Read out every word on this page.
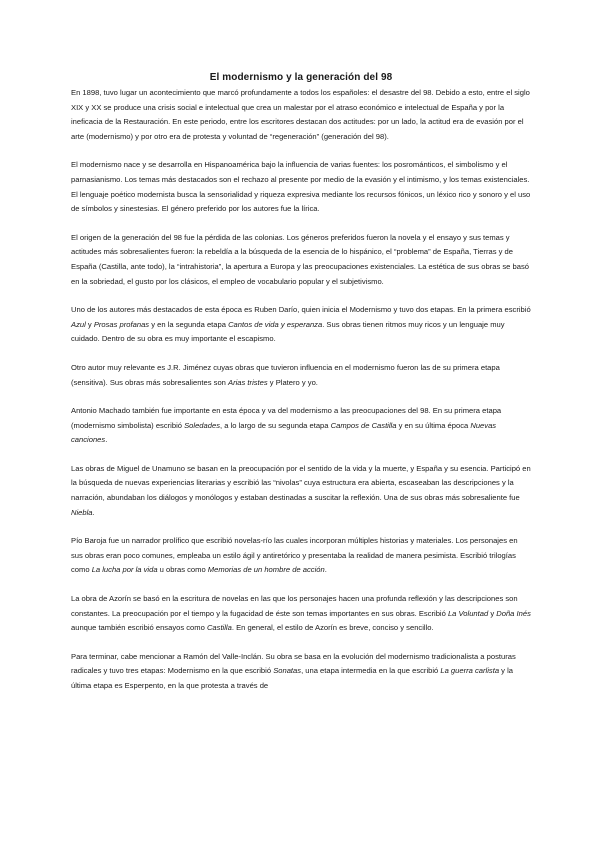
El modernismo y la generación del 98

En 1898, tuvo lugar un acontecimiento que marcó profundamente a todos los españoles: el desastre del 98. Debido a esto, entre el siglo XIX y XX se produce una crisis social e intelectual que crea un malestar por el atraso económico e intelectual de España y por la ineficacia de la Restauración. En este periodo, entre los escritores destacan dos actitudes: por un lado, la actitud era de evasión por el arte (modernismo) y por otro era de protesta y voluntad de “regeneración” (generación del 98).

El modernismo nace y se desarrolla en Hispanoamérica bajo la influencia de varias fuentes: los posrománticos, el simbolismo y el parnasianismo. Los temas más destacados son el rechazo al presente por medio de la evasión y el intimismo, y los temas existenciales. El lenguaje poético modernista busca la sensorialidad y riqueza expresiva mediante los recursos fónicos, un léxico rico y sonoro y el uso de símbolos y sinestesias. El género preferido por los autores fue la lírica.

El origen de la generación del 98 fue la pérdida de las colonias. Los géneros preferidos fueron la novela y el ensayo y sus temas y actitudes más sobresalientes fueron: la rebeldía a la búsqueda de la esencia de lo hispánico, el “problema” de España, Tierras y de España (Castilla, ante todo), la “intrahistoria”, la apertura a Europa y las preocupaciones existenciales. La estética de sus obras se basó en la sobriedad, el gusto por los clásicos, el empleo de vocabulario popular y el subjetivismo.

Uno de los autores más destacados de esta época es Ruben Darío, quien inicia el Modernismo y tuvo dos etapas. En la primera escribió Azul y Prosas profanas y en la segunda etapa Cantos de vida y esperanza. Sus obras tienen ritmos muy ricos y un lenguaje muy cuidado. Dentro de su obra es muy importante el escapismo.

Otro autor muy relevante es J.R. Jiménez cuyas obras que tuvieron influencia en el modernismo fueron las de su primera etapa (sensitiva). Sus obras más sobresalientes son Arias tristes y Platero y yo.

Antonio Machado también fue importante en esta época y va del modernismo a las preocupaciones del 98. En su primera etapa (modernismo simbolista) escribió Soledades, a lo largo de su segunda etapa Campos de Castilla y en su última época Nuevas canciones.

Las obras de Miguel de Unamuno se basan en la preocupación por el sentido de la vida y la muerte, y España y su esencia. Participó en la búsqueda de nuevas experiencias literarias y escribió las “nivolas” cuya estructura era abierta, escaseaban las descripciones y la narración, abundaban los diálogos y monólogos y estaban destinadas a suscitar la reflexión. Una de sus obras más sobresaliente fue Niebla.

Pío Baroja fue un narrador prolífico que escribió novelas-río las cuales incorporan múltiples historias y materiales. Los personajes en sus obras eran poco comunes, empleaba un estilo ágil y antiretórico y presentaba la realidad de manera pesimista. Escribió trilogías como La lucha por la vida u obras como Memorias de un hombre de acción.

La obra de Azorín se basó en la escritura de novelas en las que los personajes hacen una profunda reflexión y las descripciones son constantes. La preocupación por el tiempo y la fugacidad de éste son temas importantes en sus obras. Escribió La Voluntad y Doña Inés aunque también escribió ensayos como Castilla. En general, el estilo de Azorín es breve, conciso y sencillo.

Para terminar, cabe mencionar a Ramón del Valle-Inclán. Su obra se basa en la evolución del modernismo tradicionalista a posturas radicales y tuvo tres etapas: Modernismo en la que escribió Sonatas, una etapa intermedia en la que escribió La guerra carlista y la última etapa es Esperpento, en la que protesta a través de
